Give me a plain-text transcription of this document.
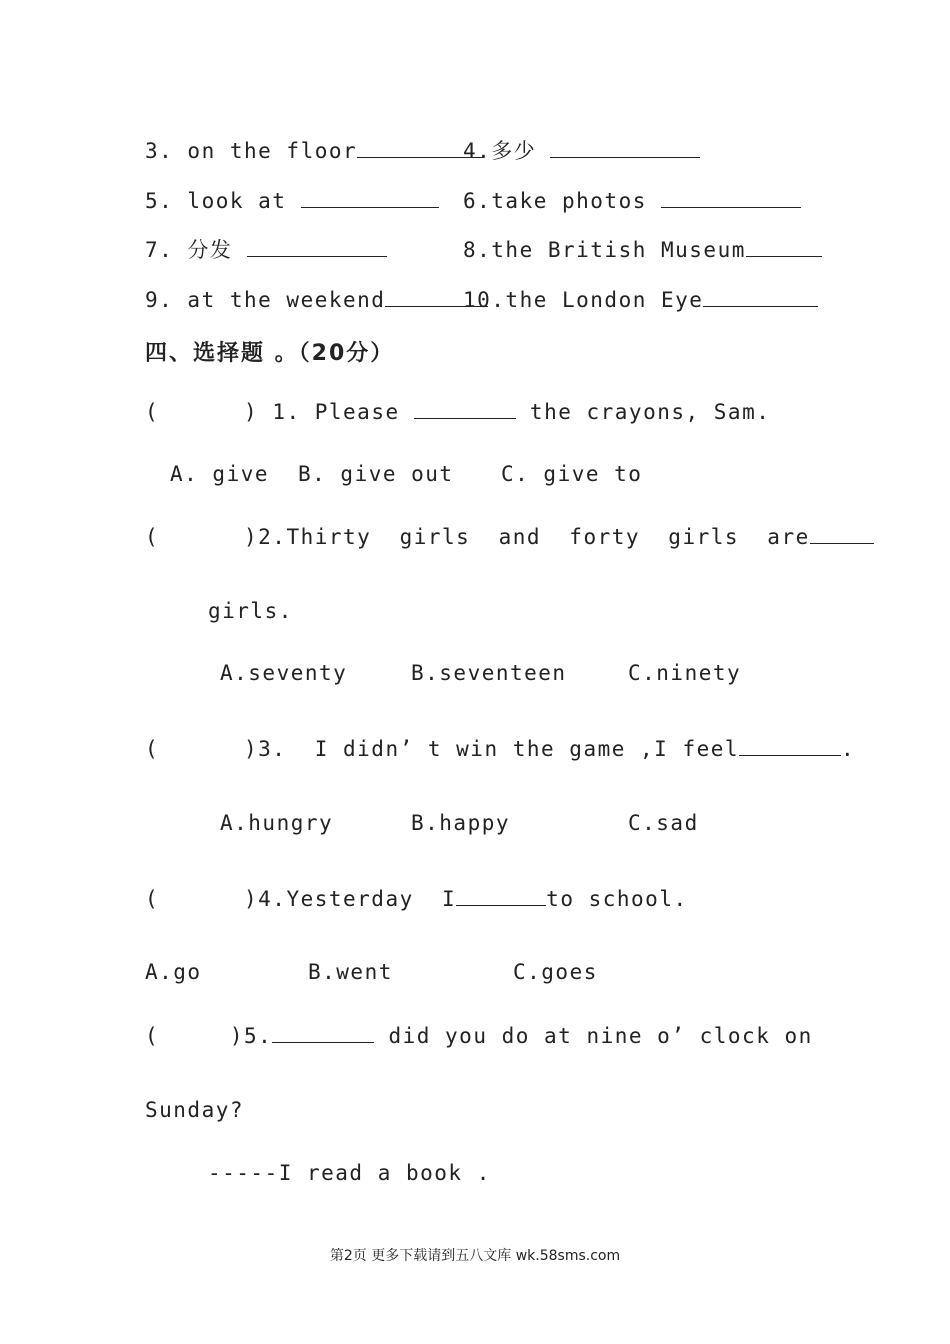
3. on the floor	4.多少
5. look at	6.take photos
7. 分发	8.the British Museum
9. at the weekend	10.the London Eye
四、选择题 。（20分）
(      ) 1. Please	the crayons, Sam.
A. give B. give out C. give to
(      )2.Thirty  girls  and  forty  girls  are
girls.
A.seventy	B.seventeen	C.ninety
(      )3.  I didn’ t win the game ,I feel	.
A.hungry	B.happy	C.sad
(      )4.Yesterday  I	to school.
A.go	B.went	C.goes
(     )5.	did you do at nine o’ clock on
Sunday?
-----I read a book .
第2页 更多下载请到五八文库 wk.58sms.com
